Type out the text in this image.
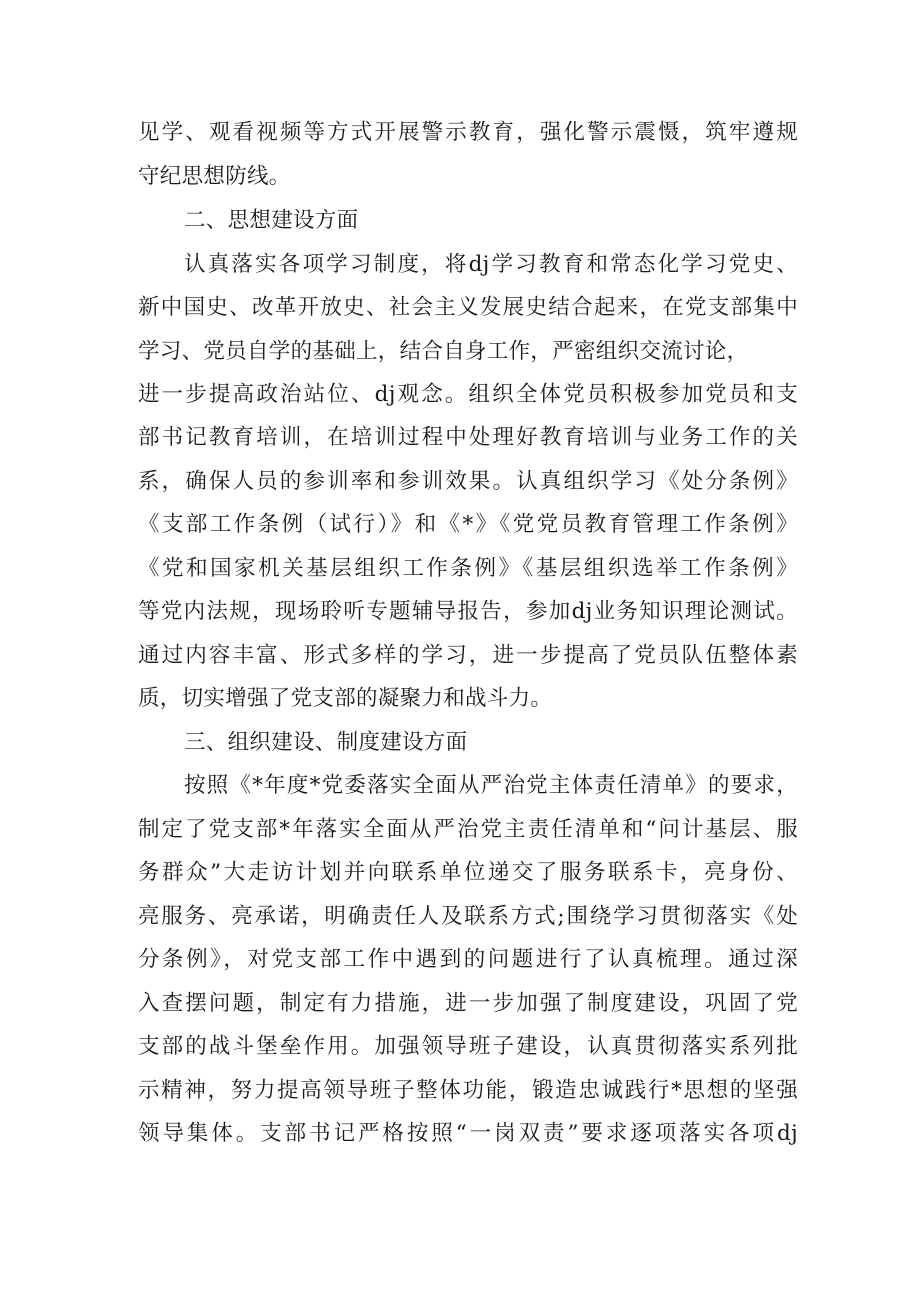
见学、观看视频等方式开展警示教育，强化警示震慑，筑牢遵规
守纪思想防线。
二、思想建设方面
认真落实各项学习制度，将dj学习教育和常态化学习党史、
新中国史、改革开放史、社会主义发展史结合起来，在党支部集中
学习、党员自学的基础上，结合自身工作，严密组织交流讨论，
进一步提高政治站位、dj观念。组织全体党员积极参加党员和支
部书记教育培训，在培训过程中处理好教育培训与业务工作的关
系，确保人员的参训率和参训效果。认真组织学习《处分条例》
《支部工作条例（试行）》和《*》《党党员教育管理工作条例》
《党和国家机关基层组织工作条例》《基层组织选举工作条例》
等党内法规，现场聆听专题辅导报告，参加dj业务知识理论测试。
通过内容丰富、形式多样的学习，进一步提高了党员队伍整体素
质，切实增强了党支部的凝聚力和战斗力。
三、组织建设、制度建设方面
按照《*年度*党委落实全面从严治党主体责任清单》的要求，
制定了党支部*年落实全面从严治党主责任清单和“问计基层、服
务群众”大走访计划并向联系单位递交了服务联系卡，亮身份、
亮服务、亮承诺，明确责任人及联系方式;围绕学习贯彻落实《处
分条例》，对党支部工作中遇到的问题进行了认真梳理。通过深
入查摆问题，制定有力措施，进一步加强了制度建设，巩固了党
支部的战斗堡垒作用。加强领导班子建设，认真贯彻落实系列批
示精神，努力提高领导班子整体功能，锻造忠诚践行*思想的坚强
领导集体。支部书记严格按照“一岗双责”要求逐项落实各项dj
